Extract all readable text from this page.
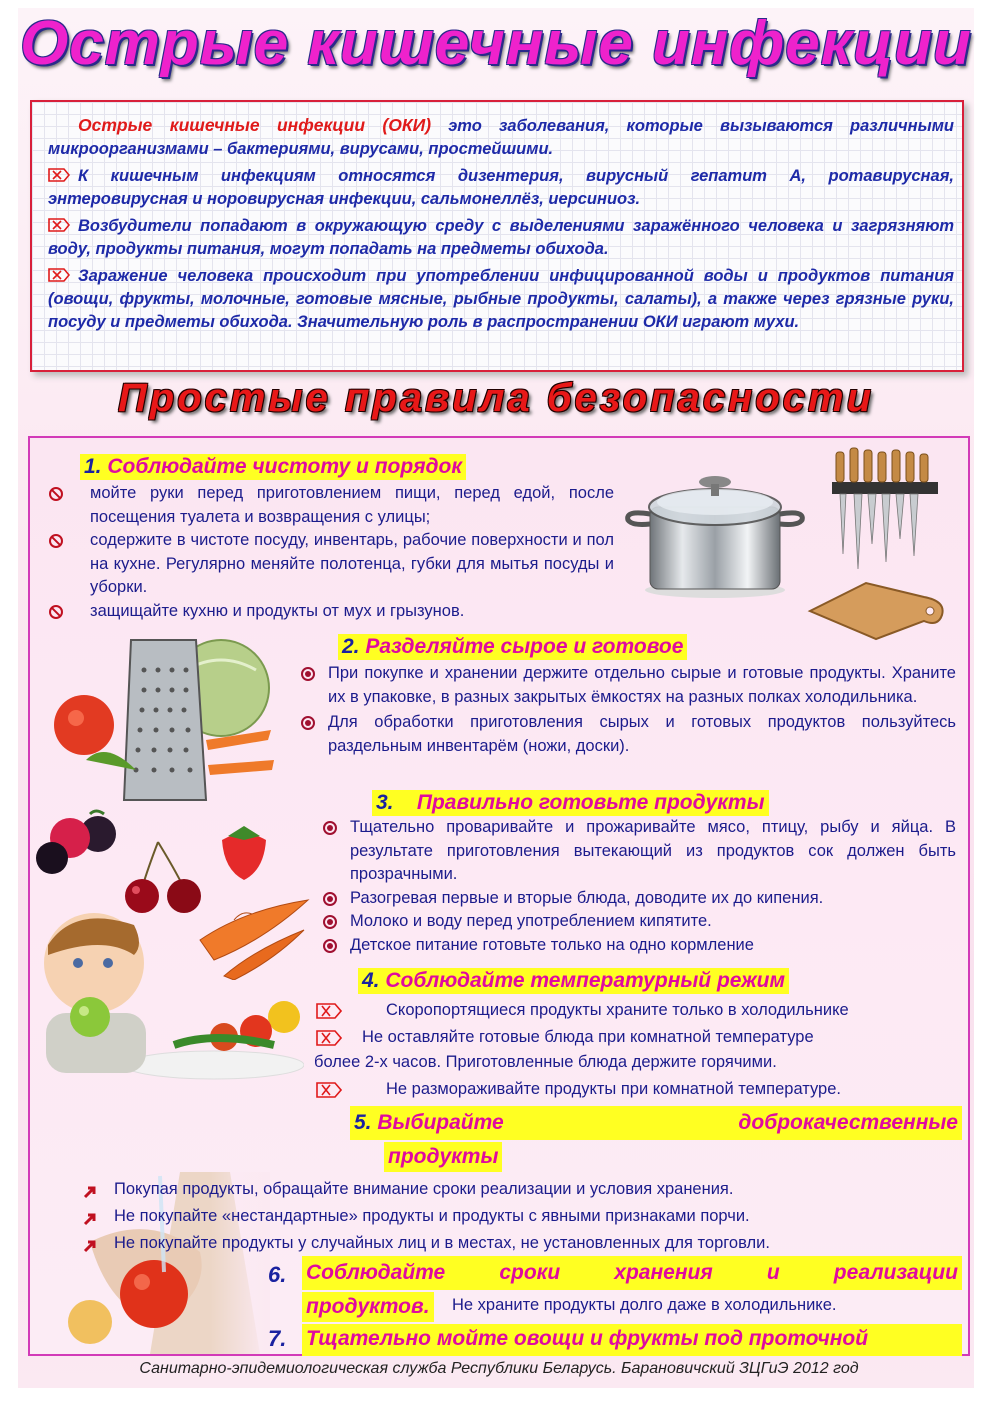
Острые кишечные инфекции

Острые кишечные инфекции (ОКИ) это заболевания, которые вызываются различными микроорганизмами – бактериями, вирусами, простейшими.

К кишечным инфекциям относятся дизентерия, вирусный гепатит А, ротавирусная, энтеровирусная и норовирусная инфекции, сальмонеллёз, иерсиниоз.

Возбудители попадают в окружающую среду с выделениями заражённого человека и загрязняют воду, продукты питания, могут попадать на предметы обихода.

Заражение человека происходит при употреблении инфицированной воды и продуктов питания (овощи, фрукты, молочные, готовые мясные, рыбные продукты, салаты), а также через грязные руки, посуду и предметы обихода. Значительную роль в распространении ОКИ играют мухи.

Простые правила безопасности
1. Соблюдайте чистоту и порядок
мойте руки перед приготовлением пищи, перед едой, после посещения туалета и возвращения с улицы;
содержите в чистоте посуду, инвентарь, рабочие поверхности и пол на кухне. Регулярно меняйте полотенца, губки для мытья посуды и уборки.
защищайте кухню и продукты от мух и грызунов.
2. Разделяйте сырое и готовое
При покупке и хранении держите отдельно сырые и готовые продукты. Храните их в упаковке, в разных закрытых ёмкостях на разных полках холодильника.
Для обработки приготовления сырых и готовых продуктов пользуйтесь раздельным инвентарём (ножи, доски).
3.    Правильно готовьте продукты
Тщательно проваривайте и прожаривайте мясо, птицу, рыбу и яйца. В результате приготовления вытекающий из продуктов сок должен быть прозрачными.
Разогревая первые и вторые блюда, доводите их до кипения.
Молоко и воду перед употреблением кипятите.
Детское питание готовьте только на одно кормление
4. Соблюдайте температурный режим
Скоропортящиеся продукты храните только в холодильнике
Не оставляйте готовые блюда при комнатной температуре
более 2-х часов. Приготовленные блюда держите горячими.
Не размораживайте продукты при комнатной температуре.
5. Выбирайте	доброкачественные
продукты
Покупая продукты, обращайте внимание сроки реализации и условия хранения.
Не покупайте «нестандартные» продукты и продукты с явными признаками порчи.
Не покупайте продукты у случайных лиц и в местах, не установленных для торговли.
6. Соблюдайте	сроки	хранения	и	реализации
продуктов. Не храните продукты долго даже в холодильнике.
7. Тщательно мойте овощи и фрукты под проточной
Санитарно-эпидемиологическая служба Республики Беларусь. Барановичский ЗЦГиЭ 2012 год
